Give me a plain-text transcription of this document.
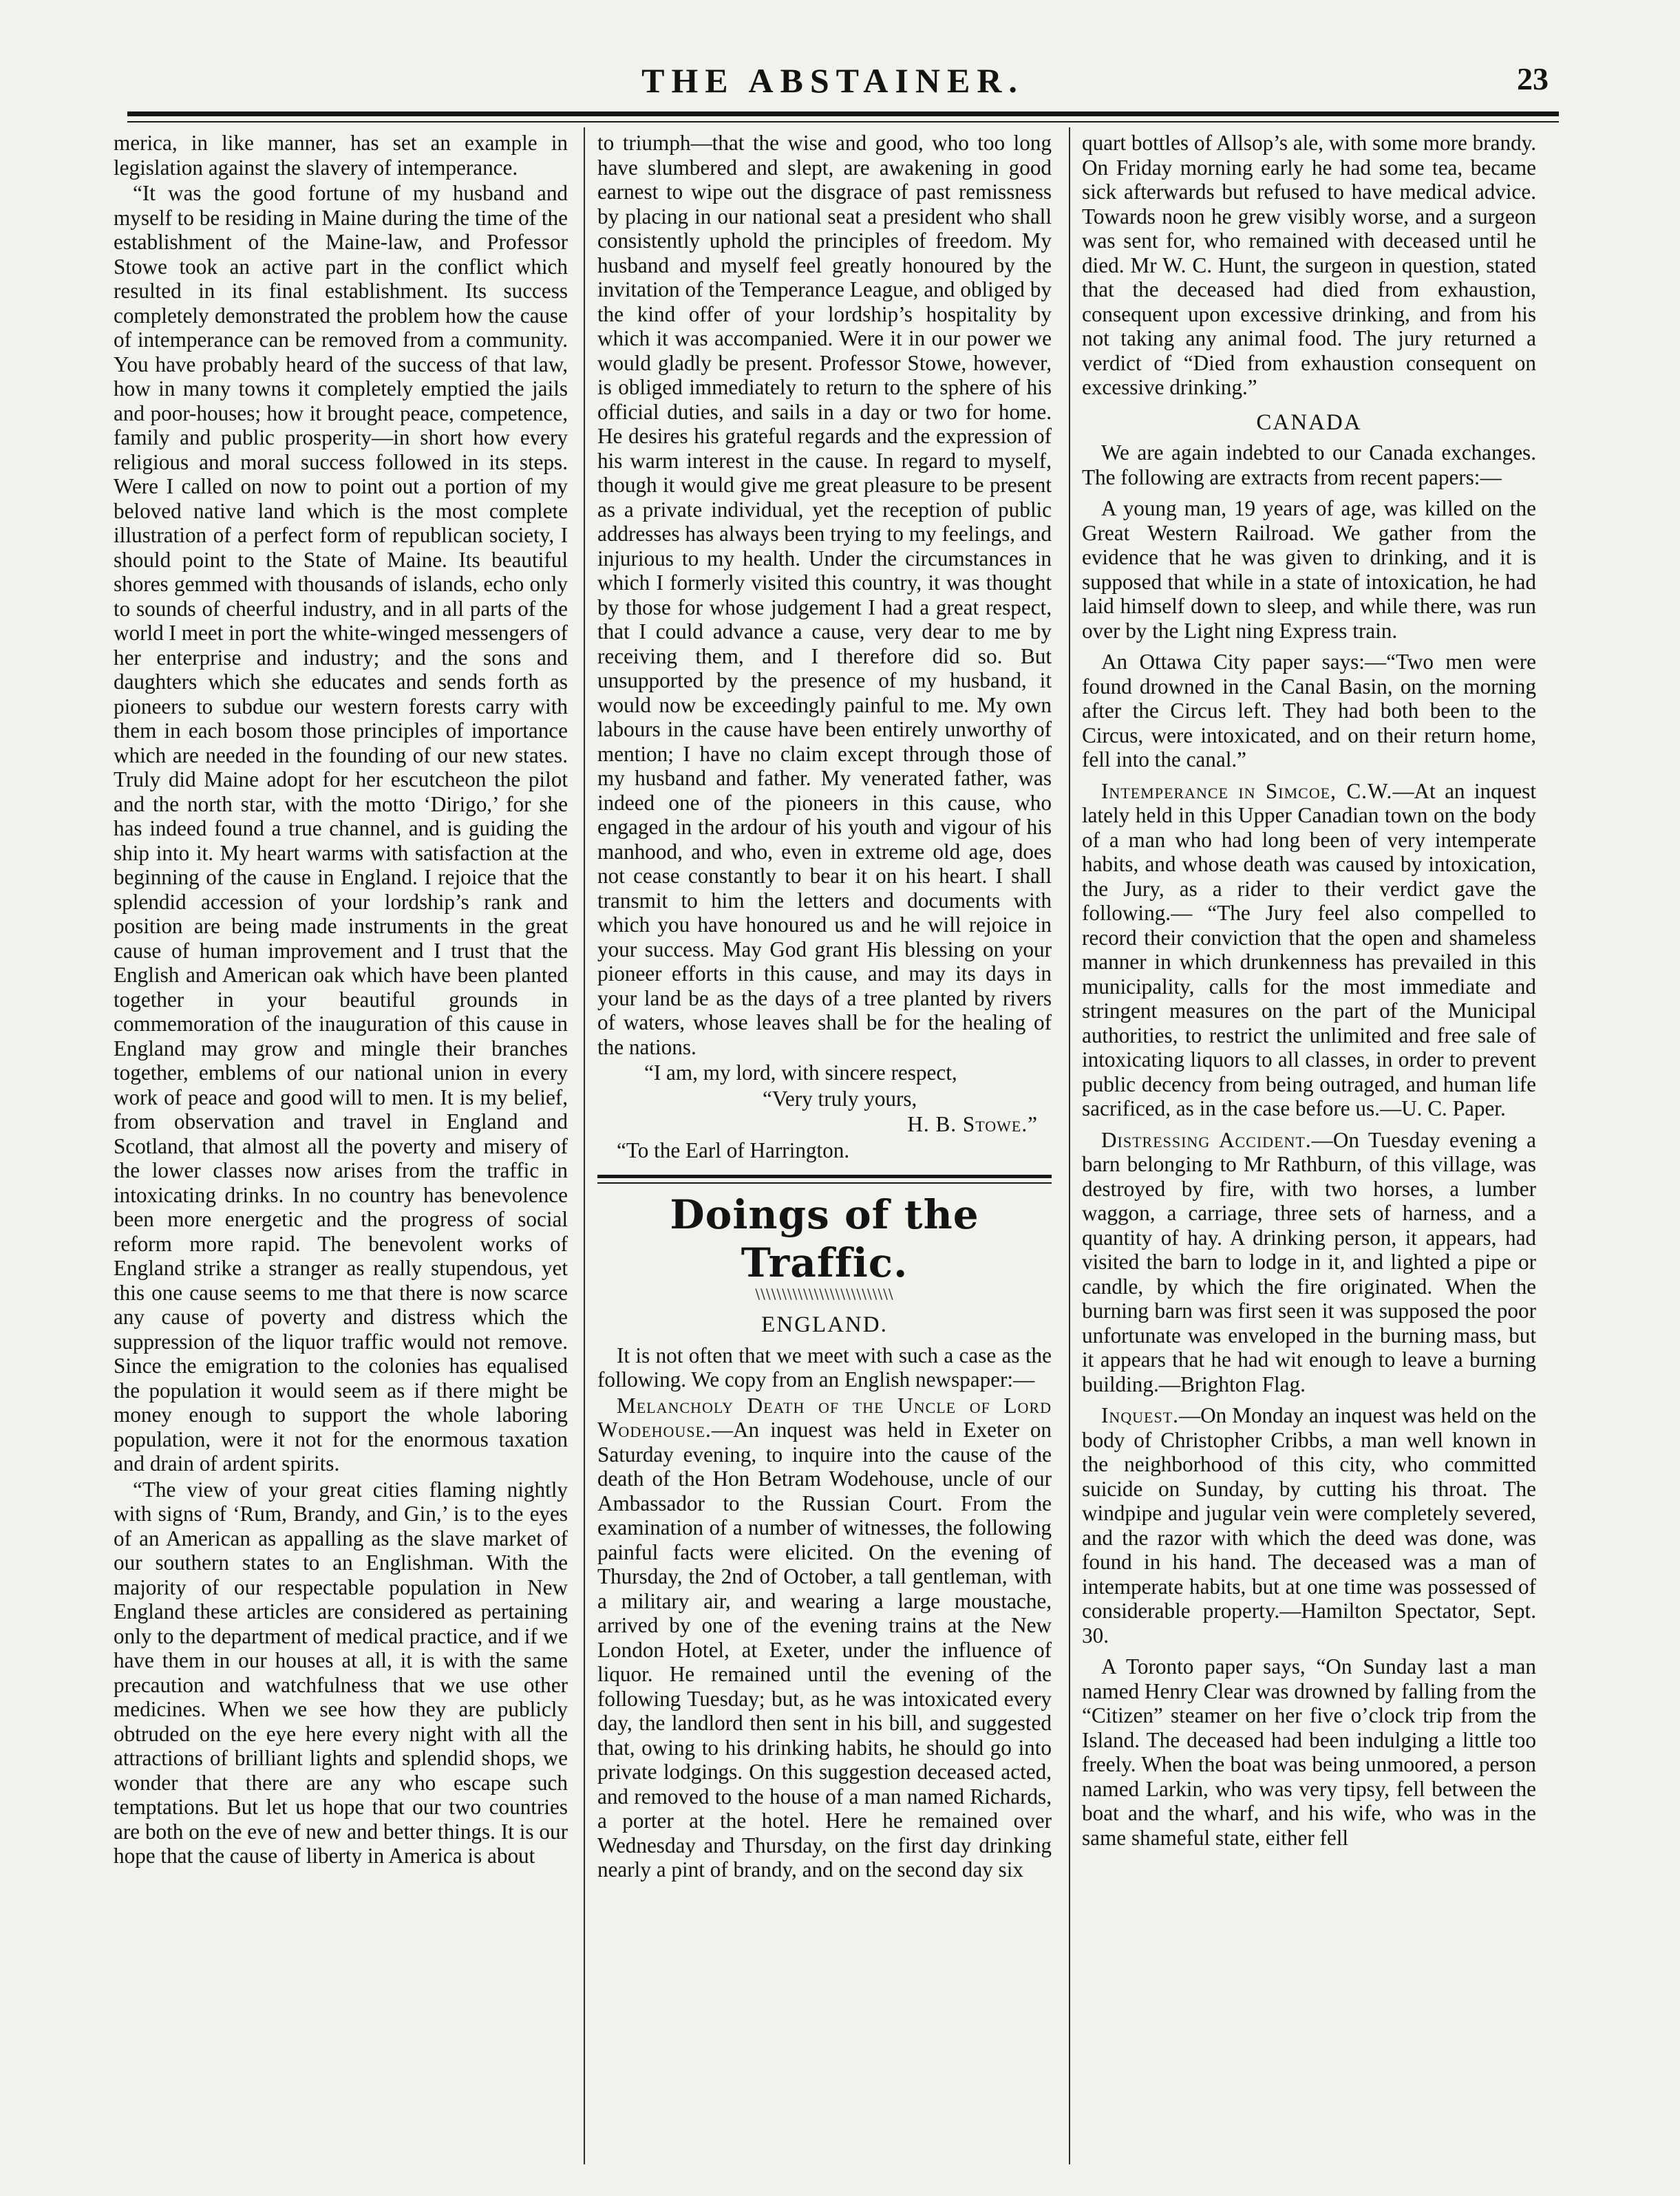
THE ABSTAINER.	23

merica, in like manner, has set an example in legislation against the slavery of intemperance.

“It was the good fortune of my husband and myself to be residing in Maine during the time of the establishment of the Maine-law, and Professor Stowe took an active part in the conflict which resulted in its final establishment. Its success completely demonstrated the problem how the cause of intemperance can be removed from a community. You have probably heard of the success of that law, how in many towns it completely emptied the jails and poor-houses; how it brought peace, competence, family and public prosperity—in short how every religious and moral success followed in its steps. Were I called on now to point out a portion of my beloved native land which is the most complete illustration of a perfect form of republican society, I should point to the State of Maine. Its beautiful shores gemmed with thousands of islands, echo only to sounds of cheerful industry, and in all parts of the world I meet in port the white-winged messengers of her enterprise and industry; and the sons and daughters which she educates and sends forth as pioneers to subdue our western forests carry with them in each bosom those principles of importance which are needed in the founding of our new states. Truly did Maine adopt for her escutcheon the pilot and the north star, with the motto ‘Dirigo,’ for she has indeed found a true channel, and is guiding the ship into it. My heart warms with satisfaction at the beginning of the cause in England. I rejoice that the splendid accession of your lordship’s rank and position are being made instruments in the great cause of human improvement and I trust that the English and American oak which have been planted together in your beautiful grounds in commemoration of the inauguration of this cause in England may grow and mingle their branches together, emblems of our national union in every work of peace and good will to men. It is my belief, from observation and travel in England and Scotland, that almost all the poverty and misery of the lower classes now arises from the traffic in intoxicating drinks. In no country has benevolence been more energetic and the progress of social reform more rapid. The benevolent works of England strike a stranger as really stupendous, yet this one cause seems to me that there is now scarce any cause of poverty and distress which the suppression of the liquor traffic would not remove. Since the emigration to the colonies has equalised the population it would seem as if there might be money enough to support the whole laboring population, were it not for the enormous taxation and drain of ardent spirits.

“The view of your great cities flaming nightly with signs of ‘Rum, Brandy, and Gin,’ is to the eyes of an American as appalling as the slave market of our southern states to an Englishman. With the majority of our respectable population in New England these articles are considered as pertaining only to the department of medical practice, and if we have them in our houses at all, it is with the same precaution and watchfulness that we use other medicines. When we see how they are publicly obtruded on the eye here every night with all the attractions of brilliant lights and splendid shops, we wonder that there are any who escape such temptations. But let us hope that our two countries are both on the eve of new and better things. It is our hope that the cause of liberty in America is about

to triumph—that the wise and good, who too long have slumbered and slept, are awakening in good earnest to wipe out the disgrace of past remissness by placing in our national seat a president who shall consistently uphold the principles of freedom. My husband and myself feel greatly honoured by the invitation of the Temperance League, and obliged by the kind offer of your lordship’s hospitality by which it was accompanied. Were it in our power we would gladly be present. Professor Stowe, however, is obliged immediately to return to the sphere of his official duties, and sails in a day or two for home. He desires his grateful regards and the expression of his warm interest in the cause. In regard to myself, though it would give me great pleasure to be present as a private individual, yet the reception of public addresses has always been trying to my feelings, and injurious to my health. Under the circumstances in which I formerly visited this country, it was thought by those for whose judgement I had a great respect, that I could advance a cause, very dear to me by receiving them, and I therefore did so. But unsupported by the presence of my husband, it would now be exceedingly painful to me. My own labours in the cause have been entirely unworthy of mention; I have no claim except through those of my husband and father. My venerated father, was indeed one of the pioneers in this cause, who engaged in the ardour of his youth and vigour of his manhood, and who, even in extreme old age, does not cease constantly to bear it on his heart. I shall transmit to him the letters and documents with which you have honoured us and he will rejoice in your success. May God grant His blessing on your pioneer efforts in this cause, and may its days in your land be as the days of a tree planted by rivers of waters, whose leaves shall be for the healing of the nations.

“I am, my lord, with sincere respect,

“Very truly yours,

H. B. Stowe.”

“To the Earl of Harrington.

Doings of the Traffic.

\\\\\\\\\\\\\\\\\\\\\\\\\\

ENGLAND.

It is not often that we meet with such a case as the following. We copy from an English newspaper:—

Melancholy Death of the Uncle of Lord Wodehouse.—An inquest was held in Exeter on Saturday evening, to inquire into the cause of the death of the Hon Betram Wodehouse, uncle of our Ambassador to the Russian Court. From the examination of a number of witnesses, the following painful facts were elicited. On the evening of Thursday, the 2nd of October, a tall gentleman, with a military air, and wearing a large moustache, arrived by one of the evening trains at the New London Hotel, at Exeter, under the influence of liquor. He remained until the evening of the following Tuesday; but, as he was intoxicated every day, the landlord then sent in his bill, and suggested that, owing to his drinking habits, he should go into private lodgings. On this suggestion deceased acted, and removed to the house of a man named Richards, a porter at the hotel. Here he remained over Wednesday and Thursday, on the first day drinking nearly a pint of brandy, and on the second day six

quart bottles of Allsop’s ale, with some more brandy. On Friday morning early he had some tea, became sick afterwards but refused to have medical advice. Towards noon he grew visibly worse, and a surgeon was sent for, who remained with deceased until he died. Mr W. C. Hunt, the surgeon in question, stated that the deceased had died from exhaustion, consequent upon excessive drinking, and from his not taking any animal food. The jury returned a verdict of “Died from exhaustion consequent on excessive drinking.”

CANADA

We are again indebted to our Canada exchanges. The following are extracts from recent papers:—

A young man, 19 years of age, was killed on the Great Western Railroad. We gather from the evidence that he was given to drinking, and it is supposed that while in a state of intoxication, he had laid himself down to sleep, and while there, was run over by the Light ning Express train.

An Ottawa City paper says:—“Two men were found drowned in the Canal Basin, on the morning after the Circus left. They had both been to the Circus, were intoxicated, and on their return home, fell into the canal.”

Intemperance in Simcoe, C.W.—At an inquest lately held in this Upper Canadian town on the body of a man who had long been of very intemperate habits, and whose death was caused by intoxication, the Jury, as a rider to their verdict gave the following.— “The Jury feel also compelled to record their conviction that the open and shameless manner in which drunkenness has prevailed in this municipality, calls for the most immediate and stringent measures on the part of the Municipal authorities, to restrict the unlimited and free sale of intoxicating liquors to all classes, in order to prevent public decency from being outraged, and human life sacrificed, as in the case before us.—U. C. Paper.

Distressing Accident.—On Tuesday evening a barn belonging to Mr Rathburn, of this village, was destroyed by fire, with two horses, a lumber waggon, a carriage, three sets of harness, and a quantity of hay. A drinking person, it appears, had visited the barn to lodge in it, and lighted a pipe or candle, by which the fire originated. When the burning barn was first seen it was supposed the poor unfortunate was enveloped in the burning mass, but it appears that he had wit enough to leave a burning building.—Brighton Flag.

Inquest.—On Monday an inquest was held on the body of Christopher Cribbs, a man well known in the neighborhood of this city, who committed suicide on Sunday, by cutting his throat. The windpipe and jugular vein were completely severed, and the razor with which the deed was done, was found in his hand. The deceased was a man of intemperate habits, but at one time was possessed of considerable property.—Hamilton Spectator, Sept. 30.

A Toronto paper says, “On Sunday last a man named Henry Clear was drowned by falling from the “Citizen” steamer on her five o’clock trip from the Island. The deceased had been indulging a little too freely. When the boat was being unmoored, a person named Larkin, who was very tipsy, fell between the boat and the wharf, and his wife, who was in the same shameful state, either fell
